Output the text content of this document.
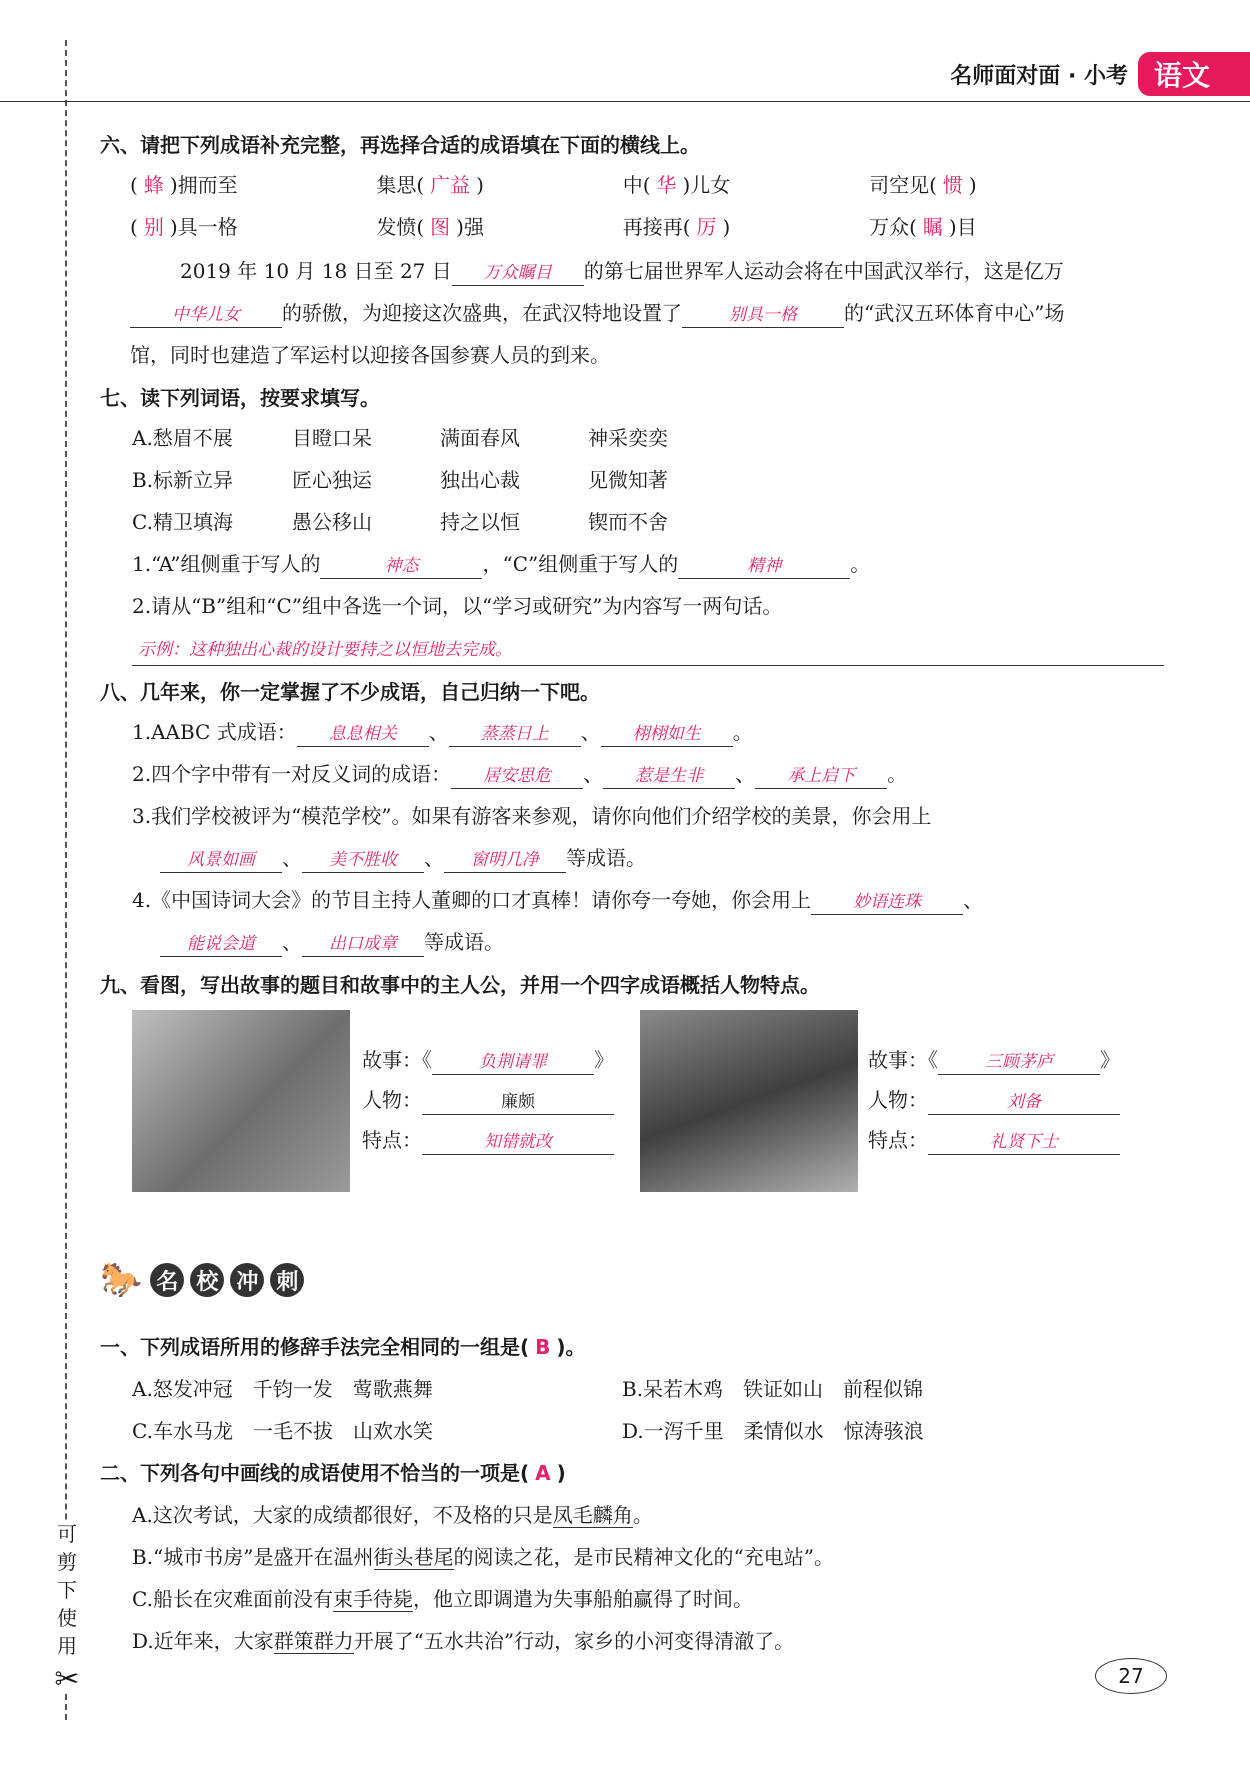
可
剪
下
使
用
✂
名师面对面 · 小考 语文
六、请把下列成语补充完整，再选择合适的成语填在下面的横线上。
( 蜂 )拥而至	集思( 广益 )	中( 华 )儿女	司空见( 惯 )
( 别 )具一格	发愤( 图 )强	再接再( 厉 )	万众( 瞩 )目
2019 年 10 月 18 日至 27 日 万众瞩目 的第七届世界军人运动会将在中国武汉举行，这是亿万
中华儿女 的骄傲，为迎接这次盛典，在武汉特地设置了	别具一格 的“武汉五环体育中心”场
馆，同时也建造了军运村以迎接各国参赛人员的到来。
七、读下列词语，按要求填写。
A.愁眉不展	目瞪口呆	满面春风	神采奕奕
B.标新立异	匠心独运	独出心裁	见微知著
C.精卫填海	愚公移山	持之以恒	锲而不舍
1.“A”组侧重于写人的	神态	，“C”组侧重于写人的	精神	。
2.请从“B”组和“C”组中各选一个词，以“学习或研究”为内容写一两句话。
示例：这种独出心裁的设计要持之以恒地去完成。
八、几年来，你一定掌握了不少成语，自己归纳一下吧。
1.AABC 式成语： 息息相关 、 蒸蒸日上 、 栩栩如生 。
2.四个字中带有一对反义词的成语： 居安思危 、 惹是生非 、 承上启下 。
3.我们学校被评为“模范学校”。如果有游客来参观，请你向他们介绍学校的美景，你会用上
风景如画 、 美不胜收 、 窗明几净 等成语。
4.《中国诗词大会》的节目主持人董卿的口才真棒！请你夸一夸她，你会用上 妙语连珠 、
能说会道 、 出口成章 等成语。
九、看图，写出故事的题目和故事中的主人公，并用一个四字成语概括人物特点。
故事：《	负荆请罪 》
人物：	廉颇
特点：	知错就改
故事：《	三顾茅庐 》
人物：	刘备
特点：	礼贤下士
🐎 名 校 冲 刺
一、下列成语所用的修辞手法完全相同的一组是( B )。
A.怒发冲冠　千钧一发　莺歌燕舞	B.呆若木鸡　铁证如山　前程似锦
C.车水马龙　一毛不拔　山欢水笑	D.一泻千里　柔情似水　惊涛骇浪
二、下列各句中画线的成语使用不恰当的一项是( A )
A.这次考试，大家的成绩都很好，不及格的只是凤毛麟角。
B.“城市书房”是盛开在温州街头巷尾的阅读之花，是市民精神文化的“充电站”。
C.船长在灾难面前没有束手待毙，他立即调遣为失事船舶赢得了时间。
D.近年来，大家群策群力开展了“五水共治”行动，家乡的小河变得清澈了。
27
